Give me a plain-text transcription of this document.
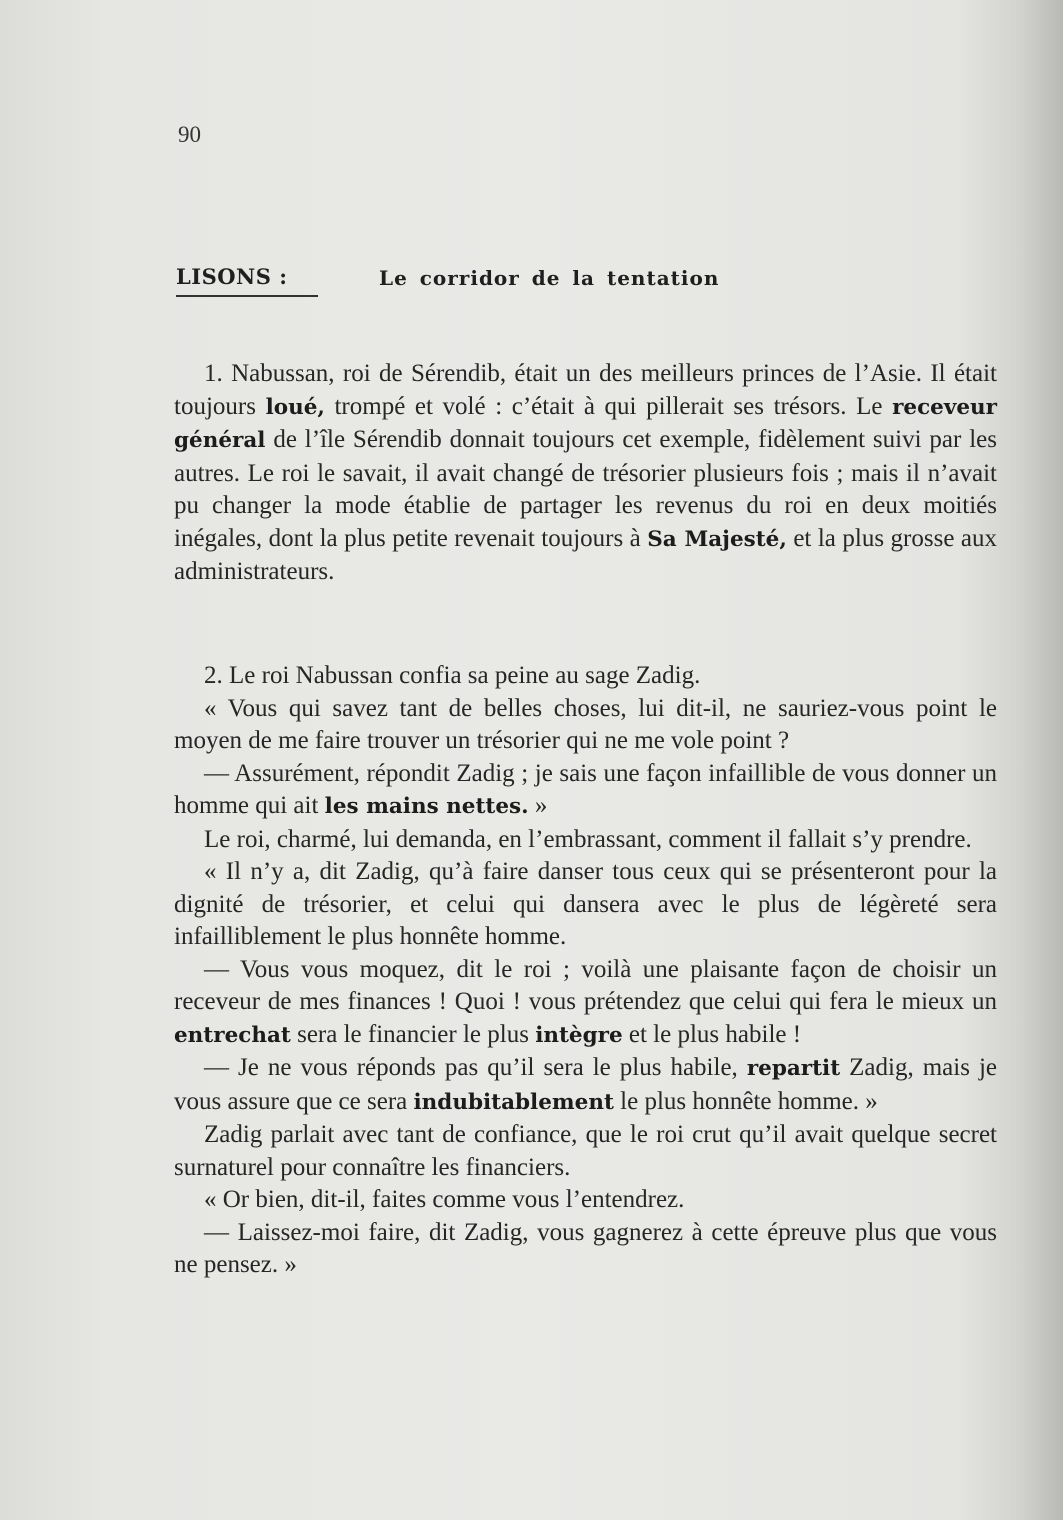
90
LISONS :	Le corridor de la tentation

1. Nabussan, roi de Sérendib, était un des meilleurs princes de l’Asie. Il était toujours loué, trompé et volé : c’était à qui pillerait ses trésors. Le receveur général de l’île Sérendib donnait toujours cet exemple, fidèlement suivi par les autres. Le roi le savait, il avait changé de trésorier plusieurs fois ; mais il n’avait pu changer la mode établie de partager les revenus du roi en deux moitiés inégales, dont la plus petite revenait toujours à Sa Majesté, et la plus grosse aux administrateurs.

2. Le roi Nabussan confia sa peine au sage Zadig.

« Vous qui savez tant de belles choses, lui dit-il, ne sauriez-vous point le moyen de me faire trouver un trésorier qui ne me vole point ?

— Assurément, répondit Zadig ; je sais une façon infaillible de vous donner un homme qui ait les mains nettes. »

Le roi, charmé, lui demanda, en l’embrassant, comment il fallait s’y prendre.

« Il n’y a, dit Zadig, qu’à faire danser tous ceux qui se présenteront pour la dignité de trésorier, et celui qui dansera avec le plus de légèreté sera infailliblement le plus honnête homme.

— Vous vous moquez, dit le roi ; voilà une plaisante façon de choisir un receveur de mes finances ! Quoi ! vous prétendez que celui qui fera le mieux un entrechat sera le financier le plus intègre et le plus habile !

— Je ne vous réponds pas qu’il sera le plus habile, repartit Zadig, mais je vous assure que ce sera indubitablement le plus honnête homme. »

Zadig parlait avec tant de confiance, que le roi crut qu’il avait quelque secret surnaturel pour connaître les financiers.

« Or bien, dit-il, faites comme vous l’entendrez.

— Laissez-moi faire, dit Zadig, vous gagnerez à cette épreuve plus que vous ne pensez. »
